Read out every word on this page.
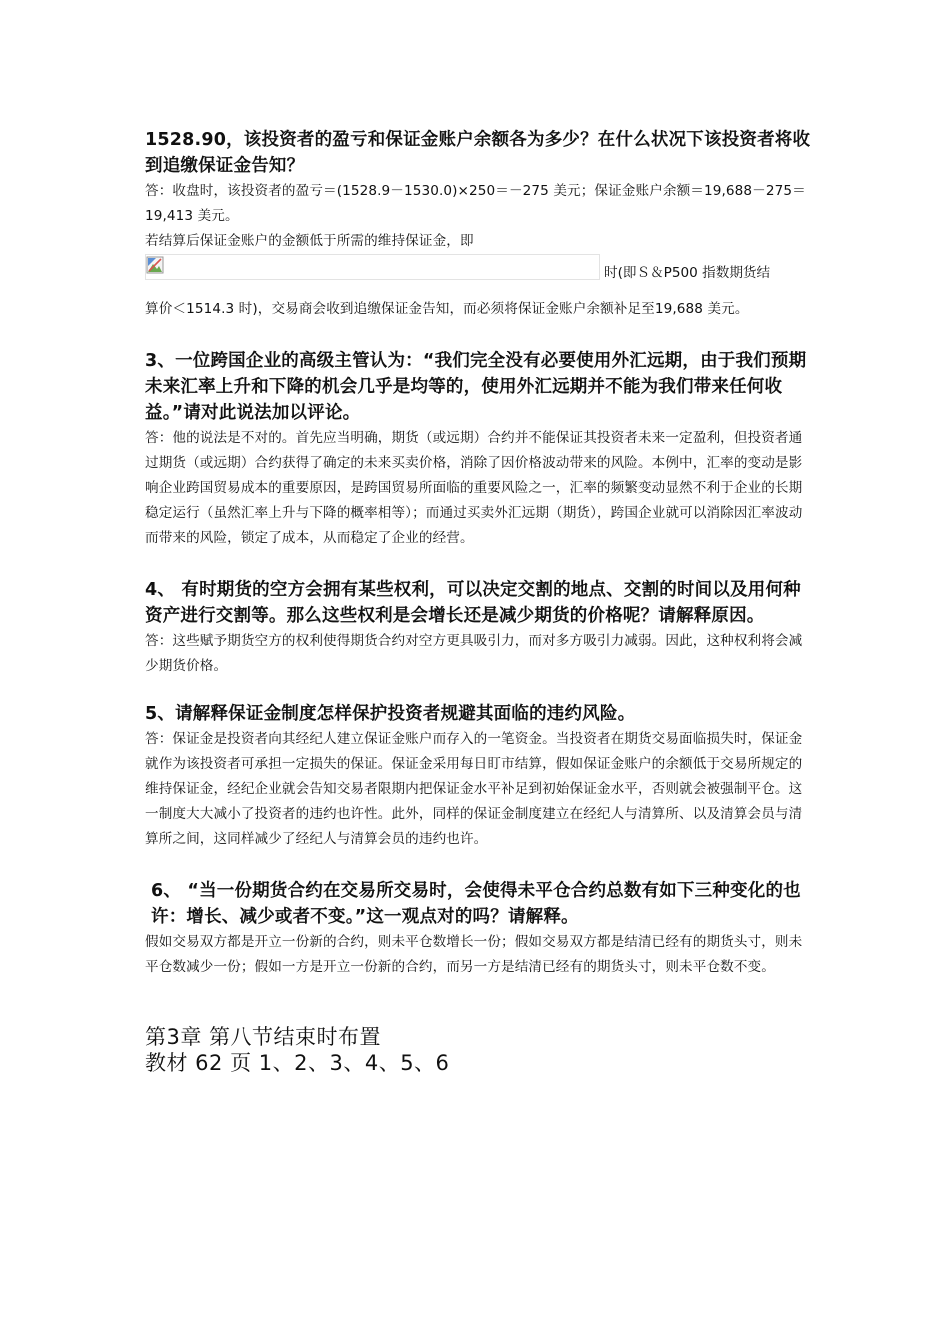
1528.90，该投资者的盈亏和保证金账户余额各为多少？在什么状况下该投资者将收到追缴保证金告知？

答：收盘时，该投资者的盈亏＝(1528.9－1530.0)×250＝－275 美元；保证金账户余额＝19,688－275＝19,413 美元。

若结算后保证金账户的金额低于所需的维持保证金，即

时(即Ｓ＆P500 指数期货结

算价＜1514.3 时)，交易商会收到追缴保证金告知，而必须将保证金账户余额补足至19,688 美元。

3、一位跨国企业的高级主管认为：“我们完全没有必要使用外汇远期，由于我们预期未来汇率上升和下降的机会几乎是均等的，使用外汇远期并不能为我们带来任何收益。”请对此说法加以评论。

答：他的说法是不对的。首先应当明确，期货（或远期）合约并不能保证其投资者未来一定盈利，但投资者通过期货（或远期）合约获得了确定的未来买卖价格，消除了因价格波动带来的风险。本例中，汇率的变动是影响企业跨国贸易成本的重要原因，是跨国贸易所面临的重要风险之一，汇率的频繁变动显然不利于企业的长期稳定运行（虽然汇率上升与下降的概率相等）；而通过买卖外汇远期（期货），跨国企业就可以消除因汇率波动而带来的风险，锁定了成本，从而稳定了企业的经营。

4、 有时期货的空方会拥有某些权利，可以决定交割的地点、交割的时间以及用何种资产进行交割等。那么这些权利是会增长还是减少期货的价格呢？请解释原因。

答：这些赋予期货空方的权利使得期货合约对空方更具吸引力，而对多方吸引力减弱。因此，这种权利将会减少期货价格。

5、请解释保证金制度怎样保护投资者规避其面临的违约风险。

答：保证金是投资者向其经纪人建立保证金账户而存入的一笔资金。当投资者在期货交易面临损失时，保证金就作为该投资者可承担一定损失的保证。保证金采用每日盯市结算，假如保证金账户的余额低于交易所规定的维持保证金，经纪企业就会告知交易者限期内把保证金水平补足到初始保证金水平，否则就会被强制平仓。这一制度大大减小了投资者的违约也许性。此外，同样的保证金制度建立在经纪人与清算所、以及清算会员与清算所之间，这同样减少了经纪人与清算会员的违约也许。

6、 “当一份期货合约在交易所交易时，会使得未平仓合约总数有如下三种变化的也许：增长、减少或者不变。”这一观点对的吗？请解释。

假如交易双方都是开立一份新的合约，则未平仓数增长一份；假如交易双方都是结清已经有的期货头寸，则未平仓数减少一份；假如一方是开立一份新的合约，而另一方是结清已经有的期货头寸，则未平仓数不变。

第3章 第八节结束时布置

教材 62 页 1、2、3、4、5、6
